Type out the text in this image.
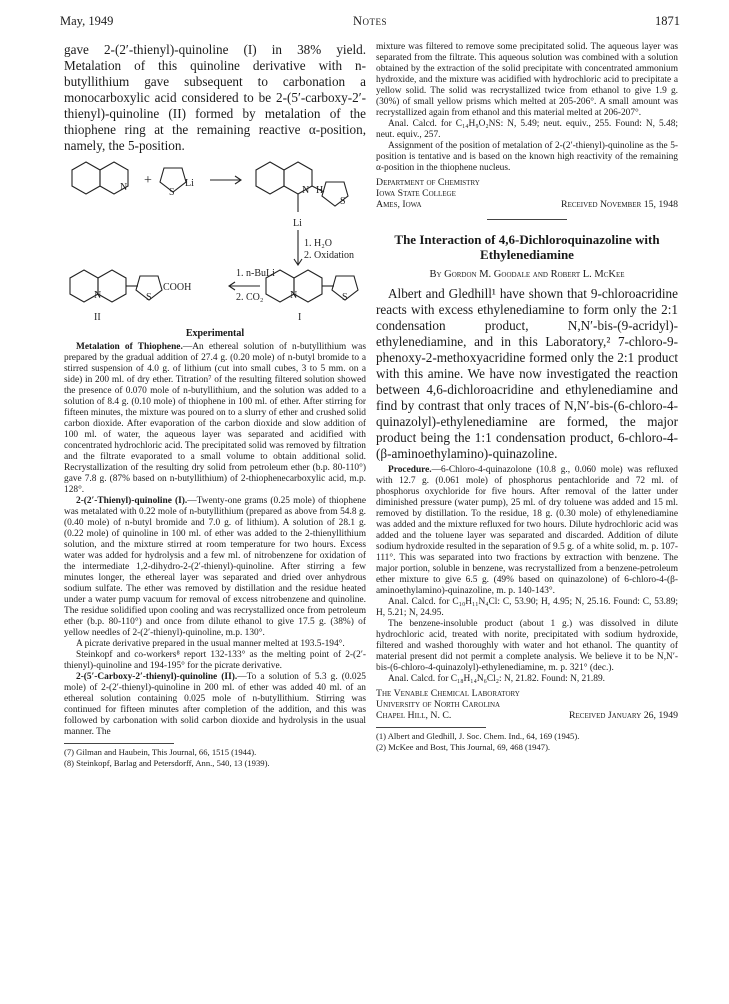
May, 1949	Notes	1871

gave 2-(2′-thienyl)-quinoline (I) in 38% yield. Metalation of this quinoline derivative with n-butyllithium gave subsequent to carbonation a monocarboxylic acid considered to be 2-(5′-carboxy-2′-thienyl)-quinoline (II) formed by metalation of the thiophene ring at the remaining reactive α-position, namely, the 5-position.

N +
S
Li
N H
S
Li
1. H₂O
2. Oxidation
1. n-BuLi
2. CO₂
N	S
COOH
N	S
II	I

Experimental

Metalation of Thiophene.—An ethereal solution of n-butyllithium was prepared by the gradual addition of 27.4 g. (0.20 mole) of n-butyl bromide to a stirred suspension of 4.0 g. of lithium (cut into small cubes, 3 to 5 mm. on a side) in 200 ml. of dry ether. Titration⁷ of the resulting filtered solution showed the presence of 0.070 mole of n-butyllithium, and the solution was added to a solution of 8.4 g. (0.10 mole) of thiophene in 100 ml. of ether. After stirring for fifteen minutes, the mixture was poured on to a slurry of ether and crushed solid carbon dioxide. After evaporation of the carbon dioxide and slow addition of 100 ml. of water, the aqueous layer was separated and acidified with concentrated hydrochloric acid. The precipitated solid was removed by filtration and the filtrate evaporated to a small volume to obtain additional solid. Recrystallization of the resulting dry solid from petroleum ether (b.p. 80-110°) gave 7.8 g. (87% based on n-butyllithium) of 2-thiophenecarboxylic acid, m.p. 128°.

2-(2′-Thienyl)-quinoline (I).—Twenty-one grams (0.25 mole) of thiophene was metalated with 0.22 mole of n-butyllithium (prepared as above from 54.8 g. (0.40 mole) of n-butyl bromide and 7.0 g. of lithium). A solution of 28.1 g. (0.22 mole) of quinoline in 100 ml. of ether was added to the 2-thienyllithium solution, and the mixture stirred at room temperature for two hours. Excess water was added for hydrolysis and a few ml. of nitrobenzene for oxidation of the intermediate 1,2-dihydro-2-(2′-thienyl)-quinoline. After stirring a few minutes longer, the ethereal layer was separated and dried over anhydrous sodium sulfate. The ether was removed by distillation and the residue heated under a water pump vacuum for removal of excess nitrobenzene and quinoline. The residue solidified upon cooling and was recrystallized once from petroleum ether (b.p. 80-110°) and once from dilute ethanol to give 17.5 g. (38%) of yellow needles of 2-(2′-thienyl)-quinoline, m.p. 130°.

A picrate derivative prepared in the usual manner melted at 193.5-194°.

Steinkopf and co-workers⁸ report 132-133° as the melting point of 2-(2′-thienyl)-quinoline and 194-195° for the picrate derivative.

2-(5′-Carboxy-2′-thienyl)-quinoline (II).—To a solution of 5.3 g. (0.025 mole) of 2-(2′-thienyl)-quinoline in 200 ml. of ether was added 40 ml. of an ethereal solution containing 0.025 mole of n-butyllithium. Stirring was continued for fifteen minutes after completion of the addition, and this was followed by carbonation with solid carbon dioxide and hydrolysis in the usual manner. The

(7) Gilman and Haubein, This Journal, 66, 1515 (1944).

(8) Steinkopf, Barlag and Petersdorff, Ann., 540, 13 (1939).

mixture was filtered to remove some precipitated solid. The aqueous layer was separated from the filtrate. This aqueous solution was combined with a solution obtained by the extraction of the solid precipitate with concentrated ammonium hydroxide, and the mixture was acidified with hydrochloric acid to precipitate a yellow solid. The solid was recrystallized twice from ethanol to give 1.9 g. (30%) of small yellow prisms which melted at 205-206°. A small amount was recrystallized again from ethanol and this material melted at 206-207°.

Anal. Calcd. for C₁₄H₉O₂NS: N, 5.49; neut. equiv., 255. Found: N, 5.48; neut. equiv., 257.

Assignment of the position of metalation of 2-(2′-thienyl)-quinoline as the 5-position is tentative and is based on the known high reactivity of the remaining α-position in the thiophene nucleus.

Department of Chemistry

Iowa State College

Ames, Iowa	Received November 15, 1948

The Interaction of 4,6-Dichloroquinazoline with Ethylenediamine

By Gordon M. Goodale and Robert L. McKee

Albert and Gledhill¹ have shown that 9-chloroacridine reacts with excess ethylenediamine to form only the 2:1 condensation product, N,N′-bis-(9-acridyl)-ethylenediamine, and in this Laboratory,² 7-chloro-9-phenoxy-2-methoxyacridine formed only the 2:1 product with this amine. We have now investigated the reaction between 4,6-dichloroacridine and ethylenediamine and find by contrast that only traces of N,N′-bis-(6-chloro-4-quinazolyl)-ethylenediamine are formed, the major product being the 1:1 condensation product, 6-chloro-4-(β-aminoethylamino)-quinazoline.

Procedure.—6-Chloro-4-quinazolone (10.8 g., 0.060 mole) was refluxed with 12.7 g. (0.061 mole) of phosphorus pentachloride and 72 ml. of phosphorus oxychloride for five hours. After removal of the latter under diminished pressure (water pump), 25 ml. of dry toluene was added and 15 ml. removed by distillation. To the residue, 18 g. (0.30 mole) of ethylenediamine was added and the mixture refluxed for two hours. Dilute hydrochloric acid was added and the toluene layer was separated and discarded. Addition of dilute sodium hydroxide resulted in the separation of 9.5 g. of a white solid, m. p. 107-111°. This was separated into two fractions by extraction with benzene. The major portion, soluble in benzene, was recrystallized from a benzene-petroleum ether mixture to give 6.5 g. (49% based on quinazolone) of 6-chloro-4-(β-aminoethylamino)-quinazoline, m. p. 140-143°.

Anal. Calcd. for C₁₀H₁₁N₄Cl: C, 53.90; H, 4.95; N, 25.16. Found: C, 53.89; H, 5.21; N, 24.95.

The benzene-insoluble product (about 1 g.) was dissolved in dilute hydrochloric acid, treated with norite, precipitated with sodium hydroxide, filtered and washed thoroughly with water and hot ethanol. The quantity of material present did not permit a complete analysis. We believe it to be N,N′-bis-(6-chloro-4-quinazolyl)-ethylenediamine, m. p. 321° (dec.).

Anal. Calcd. for C₁₈H₁₄N₆Cl₂: N, 21.82. Found: N, 21.89.

The Venable Chemical Laboratory

University of North Carolina

Chapel Hill, N. C.	Received January 26, 1949

(1) Albert and Gledhill, J. Soc. Chem. Ind., 64, 169 (1945).

(2) McKee and Bost, This Journal, 69, 468 (1947).
